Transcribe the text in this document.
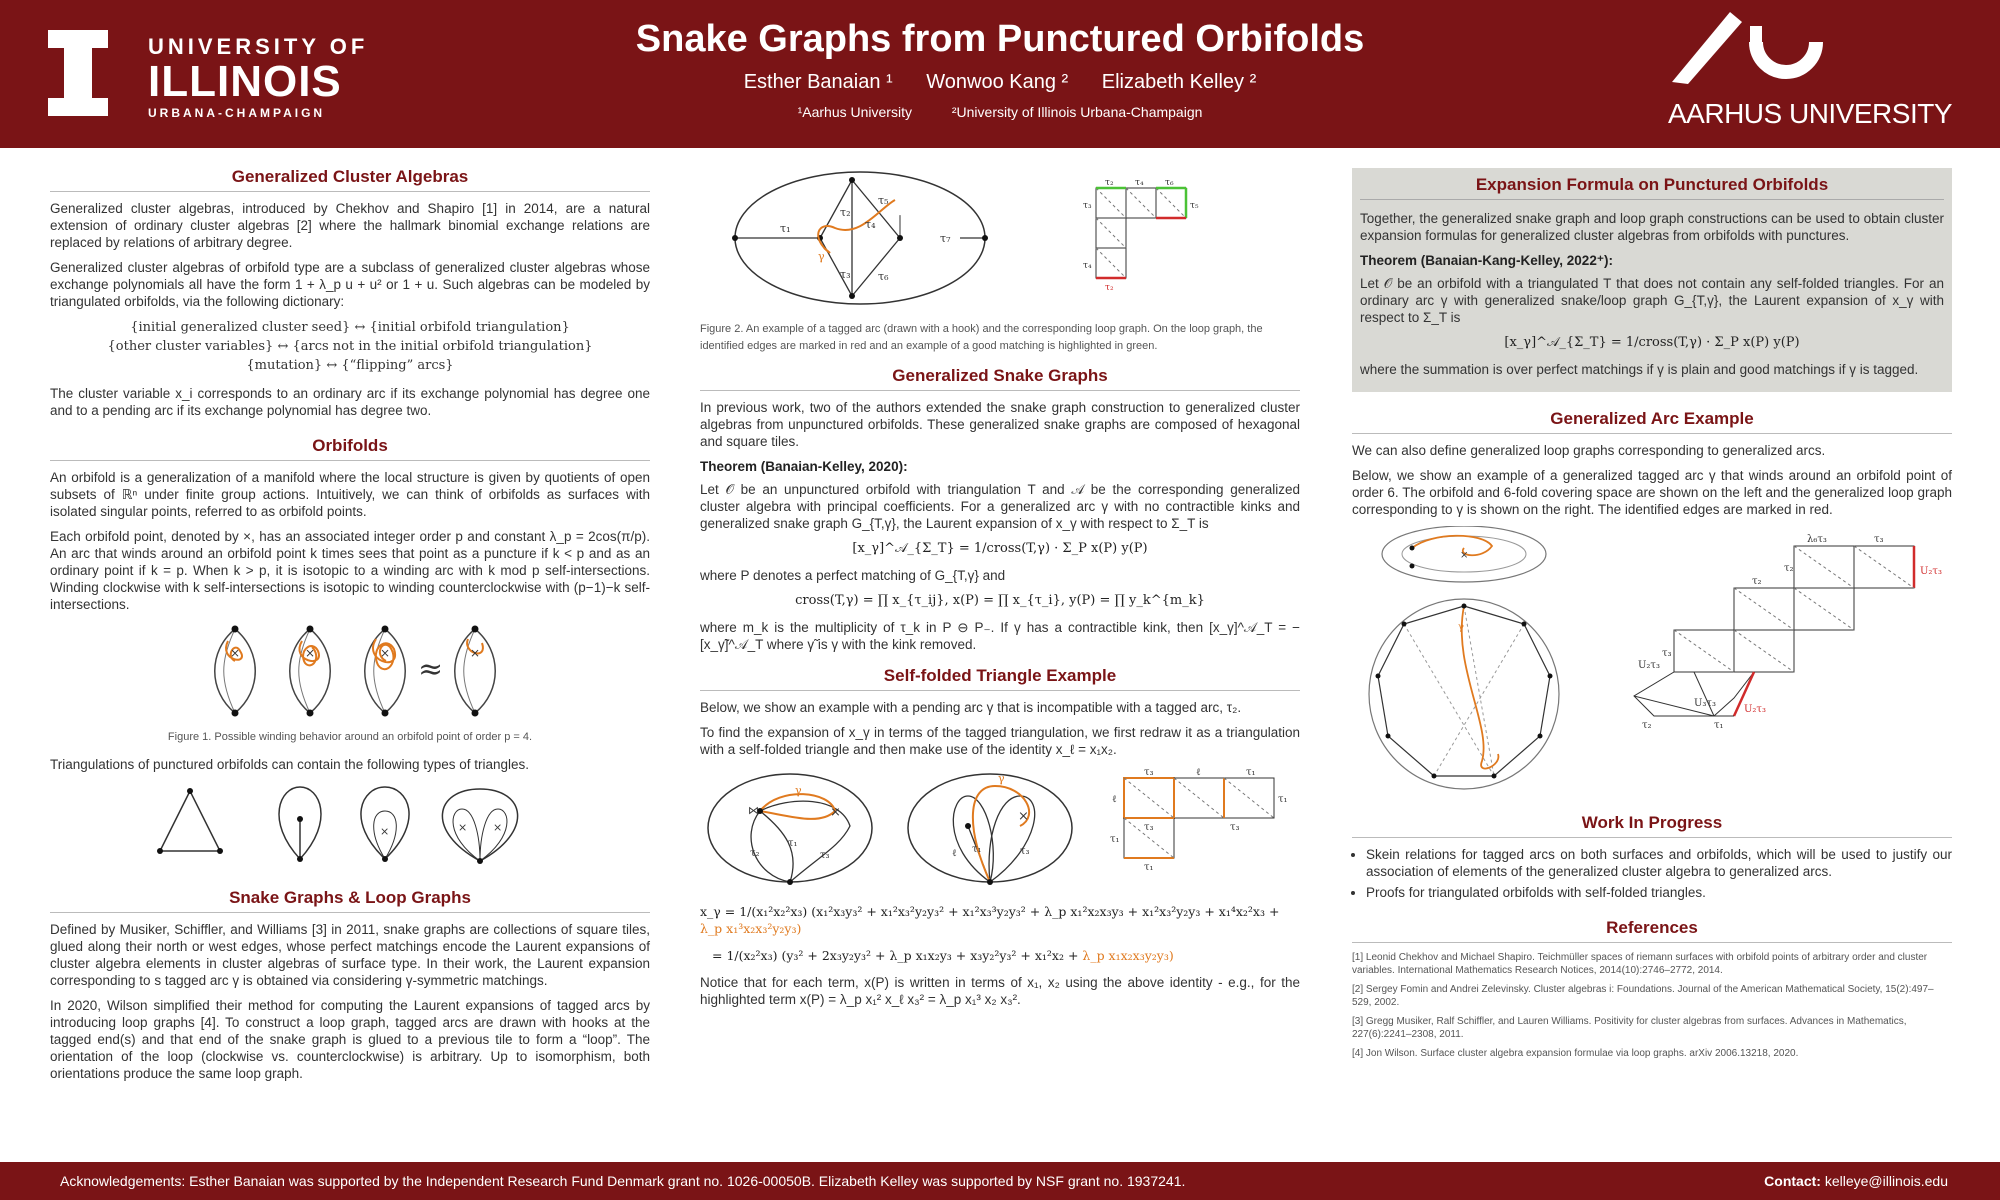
UNIVERSITY OF
ILLINOIS
URBANA-CHAMPAIGN
Snake Graphs from Punctured Orbifolds
Esther Banaian ¹ Wonwoo Kang ² Elizabeth Kelley ²
¹Aarhus University	²University of Illinois Urbana-Champaign	AARHUS UNIVERSITY
Generalized Cluster Algebras

Generalized cluster algebras, introduced by Chekhov and Shapiro [1] in 2014, are a natural extension of ordinary cluster algebras [2] where the hallmark binomial exchange relations are replaced by relations of arbitrary degree.

Generalized cluster algebras of orbifold type are a subclass of generalized cluster algebras whose exchange polynomials all have the form 1 + λ_p u + u² or 1 + u. Such algebras can be modeled by triangulated orbifolds, via the following dictionary:

{initial generalized cluster seed} ↔ {initial orbifold triangulation}
{other cluster variables} ↔ {arcs not in the initial orbifold triangulation}
{mutation} ↔ {“flipping” arcs}

The cluster variable x_i corresponds to an ordinary arc if its exchange polynomial has degree one and to a pending arc if its exchange polynomial has degree two.

Orbifolds

An orbifold is a generalization of a manifold where the local structure is given by quotients of open subsets of ℝⁿ under finite group actions. Intuitively, we can think of orbifolds as surfaces with isolated singular points, referred to as orbifold points.

Each orbifold point, denoted by ×, has an associated integer order p and constant λ_p = 2cos(π/p). An arc that winds around an orbifold point k times sees that point as a puncture if k < p and as an ordinary point if k = p. When k > p, it is isotopic to a winding arc with k mod p self-intersections. Winding clockwise with k self-intersections is isotopic to winding counterclockwise with (p−1)−k self-intersections.

×	×	× ≈ ×
Figure 1. Possible winding behavior around an orbifold point of order p = 4.

Triangulations of punctured orbifolds can contain the following types of triangles.

×	× ×
Snake Graphs & Loop Graphs

Defined by Musiker, Schiffler, and Williams [3] in 2011, snake graphs are collections of square tiles, glued along their north or west edges, whose perfect matchings encode the Laurent expansions of cluster algebra elements in cluster algebras of surface type. In their work, the Laurent expansion corresponding to s tagged arc γ is obtained via considering γ-symmetric matchings.

In 2020, Wilson simplified their method for computing the Laurent expansions of tagged arcs by introducing loop graphs [4]. To construct a loop graph, tagged arcs are drawn with hooks at the tagged end(s) and that end of the snake graph is glued to a previous tile to form a “loop”. The orientation of the loop (clockwise vs. counterclockwise) is arbitrary. Up to isomorphism, both orientations produce the same loop graph.

τ₁
τ₂
τ₃
τ₄
τ₅
τ₆
τ₇
γ
τ₂ τ₄ τ₆
τ₃	τ₅
τ₄
τ₂
Figure 2. An example of a tagged arc (drawn with a hook) and the corresponding loop graph. On the loop graph, the identified edges are marked in red and an example of a good matching is highlighted in green.
Generalized Snake Graphs

In previous work, two of the authors extended the snake graph construction to generalized cluster algebras from unpunctured orbifolds. These generalized snake graphs are composed of hexagonal and square tiles.

Theorem (Banaian-Kelley, 2020):

Let 𝒪 be an unpunctured orbifold with triangulation T and 𝒜 be the corresponding generalized cluster algebra with principal coefficients. For a generalized arc γ with no contractible kinks and generalized snake graph G_{T,γ}, the Laurent expansion of x_γ with respect to Σ_T is

[x_γ]^𝒜_{Σ_T} = 1/cross(T,γ) · Σ_P x(P) y(P)

where P denotes a perfect matching of G_{T,γ} and

cross(T,γ) = ∏ x_{τ_ij}, x(P) = ∏ x_{τ_i}, y(P) = ∏ y_k^{m_k}

where m_k is the multiplicity of τ_k in P ⊖ P₋. If γ has a contractible kink, then [x_γ]^𝒜_T = −[x_γ̃]^𝒜_T where γ̃ is γ with the kink removed.

Self-folded Triangle Example

Below, we show an example with a pending arc γ that is incompatible with a tagged arc, τ₂.

To find the expansion of x_γ in terms of the tagged triangulation, we first redraw it as a triangulation with a self-folded triangle and then make use of the identity x_ℓ = x₁x₂.

×
⋈
γ
τ₂
τ₁
τ₃
×
γ
ℓ τ₁	τ₃
τ₃	ℓ	τ₁
ℓ	τ₁
τ₃	τ₃
τ₁
τ₁
x_γ = 1/(x₁²x₂²x₃) (x₁²x₃y₃² + x₁²x₃²y₂y₃² + x₁²x₃³y₂y₃² + λ_p x₁²x₂x₃y₃ + x₁²x₃²y₂y₃ + x₁⁴x₂²x₃ + λ_p x₁³x₂x₃²y₂y₃)
= 1/(x₂²x₃) (y₃² + 2x₃y₂y₃² + λ_p x₁x₂y₃ + x₃y₂²y₃² + x₁²x₂ + λ_p x₁x₂x₃y₂y₃)

Notice that for each term, x(P) is written in terms of x₁, x₂ using the above identity - e.g., for the highlighted term x(P) = λ_p x₁² x_ℓ x₃² = λ_p x₁³ x₂ x₃².

Expansion Formula on Punctured Orbifolds

Together, the generalized snake graph and loop graph constructions can be used to obtain cluster expansion formulas for generalized cluster algebras from orbifolds with punctures.

Theorem (Banaian-Kang-Kelley, 2022⁺):

Let 𝒪 be an orbifold with a triangulated T that does not contain any self-folded triangles. For an ordinary arc γ with generalized snake/loop graph G_{T,γ}, the Laurent expansion of x_γ with respect to Σ_T is

[x_γ]^𝒜_{Σ_T} = 1/cross(T,γ) · Σ_P x(P) y(P)

where the summation is over perfect matchings if γ is plain and good matchings if γ is tagged.

Generalized Arc Example

We can also define generalized loop graphs corresponding to generalized arcs.

Below, we show an example of a generalized tagged arc γ that winds around an orbifold point of order 6. The orbifold and 6-fold covering space are shown on the left and the generalized loop graph corresponding to γ is shown on the right. The identified edges are marked in red.

×
γ
λ₆τ₃	τ₃
U₂τ₃
τ₂
τ₂
τ₃
U₂τ₃
U₃τ₃
U₂τ₃
τ₂	τ₁
Work In Progress
• Skein relations for tagged arcs on both surfaces and orbifolds, which will be used to justify our association of elements of the generalized cluster algebra to generalized arcs.
• Proofs for triangulated orbifolds with self-folded triangles.
References
[1] Leonid Chekhov and Michael Shapiro. Teichmüller spaces of riemann surfaces with orbifold points of arbitrary order and cluster variables. International Mathematics Research Notices, 2014(10):2746–2772, 2014.
[2] Sergey Fomin and Andrei Zelevinsky. Cluster algebras i: Foundations. Journal of the American Mathematical Society, 15(2):497–529, 2002.
[3] Gregg Musiker, Ralf Schiffler, and Lauren Williams. Positivity for cluster algebras from surfaces. Advances in Mathematics, 227(6):2241–2308, 2011.
[4] Jon Wilson. Surface cluster algebra expansion formulae via loop graphs. arXiv 2006.13218, 2020.
Acknowledgements: Esther Banaian was supported by the Independent Research Fund Denmark grant no. 1026-00050B. Elizabeth Kelley was supported by NSF grant no. 1937241.	Contact: kelleye@illinois.edu
